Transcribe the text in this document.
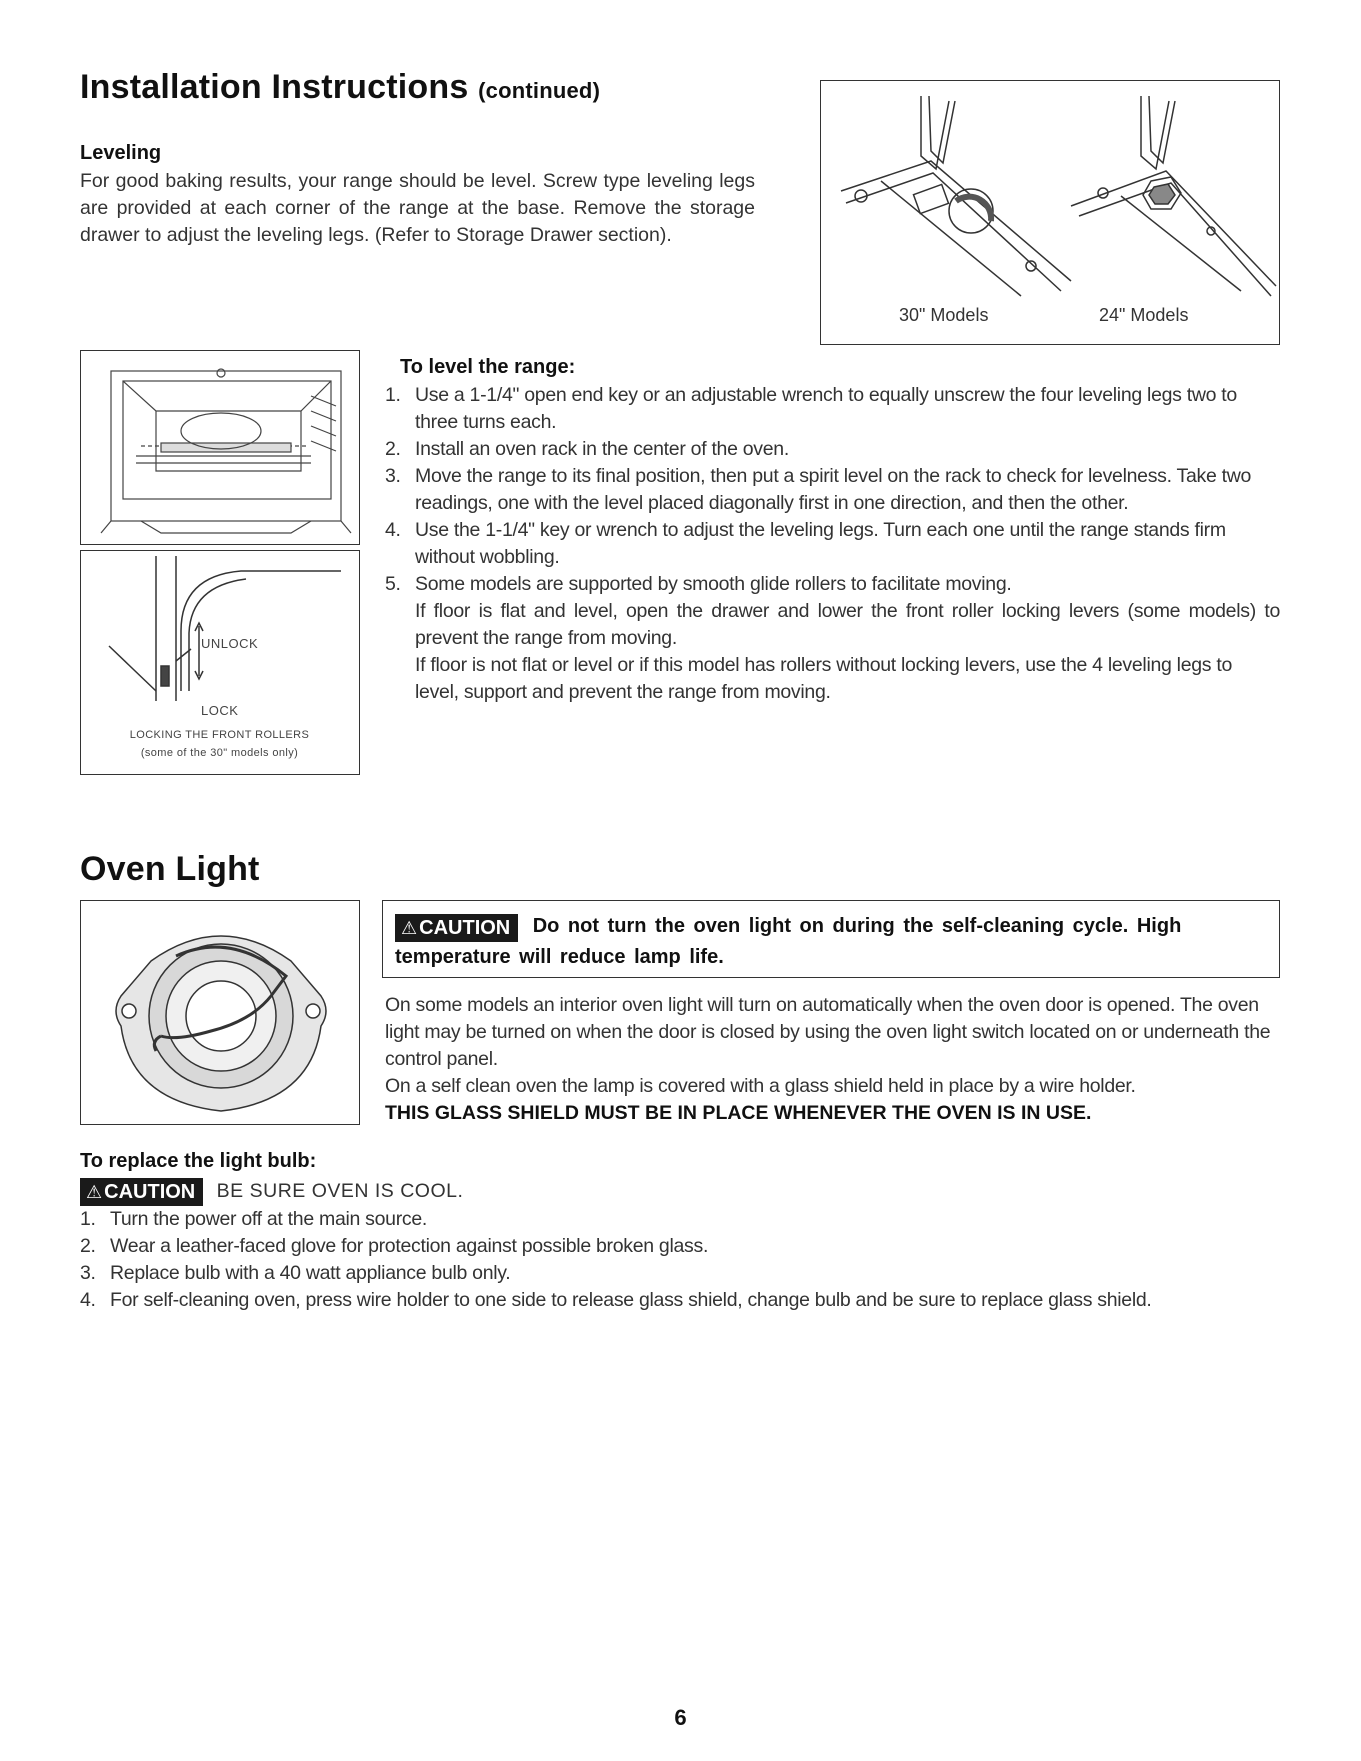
Installation Instructions (continued)
Leveling
For good baking results, your range should be level. Screw type leveling legs are provided at each corner of the range at the base. Remove the storage drawer to adjust the leveling legs. (Refer to Storage Drawer section).
30" Models	24" Models
UNLOCK
LOCK
LOCKING THE FRONT ROLLERS
(some of the 30" models only)
To level the range:
1. Use a 1-1/4" open end key or an adjustable wrench to equally unscrew the four leveling legs two to three turns each.
2. Install an oven rack in the center of the oven.
3. Move the range to its final position, then put a spirit level on the rack to check for levelness. Take two readings, one with the level placed diagonally first in one direction, and then the other.
4. Use the 1-1/4" key or wrench to adjust the leveling legs. Turn each one until the range stands firm without wobbling.
5. Some models are supported by smooth glide rollers to facilitate moving.
If floor is flat and level, open the drawer and lower the front roller locking levers (some models) to prevent the range from moving.
If floor is not flat or level or if this model has rollers without locking levers, use the 4 leveling legs to level, support and prevent the range from moving.
Oven Light
⚠ CAUTION Do not turn the oven light on during the self-cleaning cycle. High temperature will reduce lamp life.
On some models an interior oven light will turn on automatically when the oven door is opened. The oven light may be turned on when the door is closed by using the oven light switch located on or underneath the control panel.
On a self clean oven the lamp is covered with a glass shield held in place by a wire holder.
THIS GLASS SHIELD MUST BE IN PLACE WHENEVER THE OVEN IS IN USE.
To replace the light bulb:
⚠ CAUTION BE SURE OVEN IS COOL.
1. Turn the power off at the main source.
2. Wear a leather-faced glove for protection against possible broken glass.
3. Replace bulb with a 40 watt appliance bulb only.
4. For self-cleaning oven, press wire holder to one side to release glass shield, change bulb and be sure to replace glass shield.
6
